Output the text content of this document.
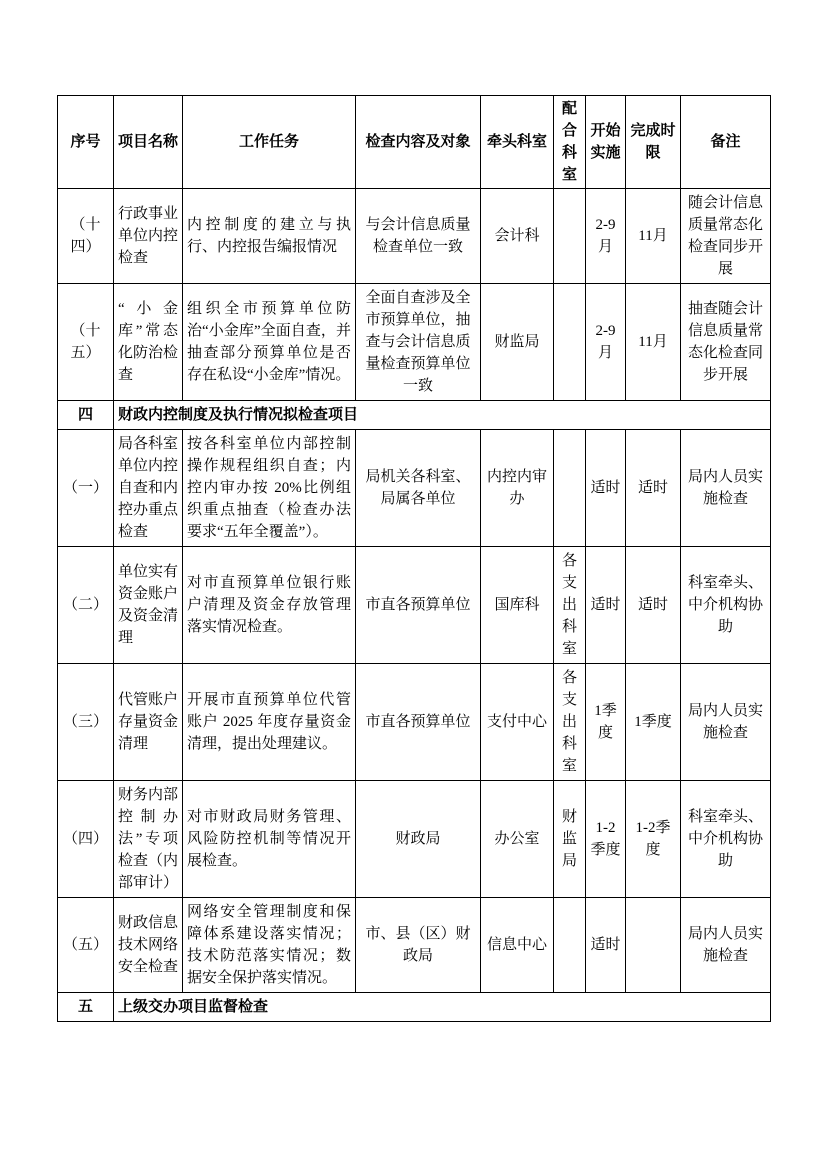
序号	项目名称	工作任务	检查内容及对象	牵头科室	配合科室	开始实施	完成时限	备注
（十四）	行政事业单位内控检查	内控制度的建立与执行、内控报告编报情况	与会计信息质量检查单位一致	会计科		2-9月	11月	随会计信息质量常态化检查同步开展
（十五）	“小金库”常态化防治检查	组织全市预算单位防治“小金库”全面自查，并抽查部分预算单位是否存在私设“小金库”情况。	全面自查涉及全市预算单位，抽查与会计信息质量检查预算单位一致	财监局		2-9月	11月	抽查随会计信息质量常态化检查同步开展
四	财政内控制度及执行情况拟检查项目							
（一）	局各科室单位内控自查和内控办重点检查	按各科室单位内部控制操作规程组织自查；内控内审办按 20%比例组织重点抽查（检查办法要求“五年全覆盖”）。	局机关各科室、局属各单位	内控内审办		适时	适时	局内人员实施检查
（二）	单位实有资金账户及资金清理	对市直预算单位银行账户清理及资金存放管理落实情况检查。	市直各预算单位	国库科	各支出科室	适时	适时	科室牵头、中介机构协助
（三）	代管账户存量资金清理	开展市直预算单位代管账户 2025 年度存量资金清理，提出处理建议。	市直各预算单位	支付中心	各支出科室	1季度	1季度	局内人员实施检查
（四）	财务内部控制办法”专项检查（内部审计）	对市财政局财务管理、风险防控机制等情况开展检查。	财政局	办公室	财监局	1-2季度	1-2季度	科室牵头、中介机构协助
（五）	财政信息技术网络安全检查	网络安全管理制度和保障体系建设落实情况；技术防范落实情况；数据安全保护落实情况。	市、县（区）财政局	信息中心		适时		局内人员实施检查
五	上级交办项目监督检查							
